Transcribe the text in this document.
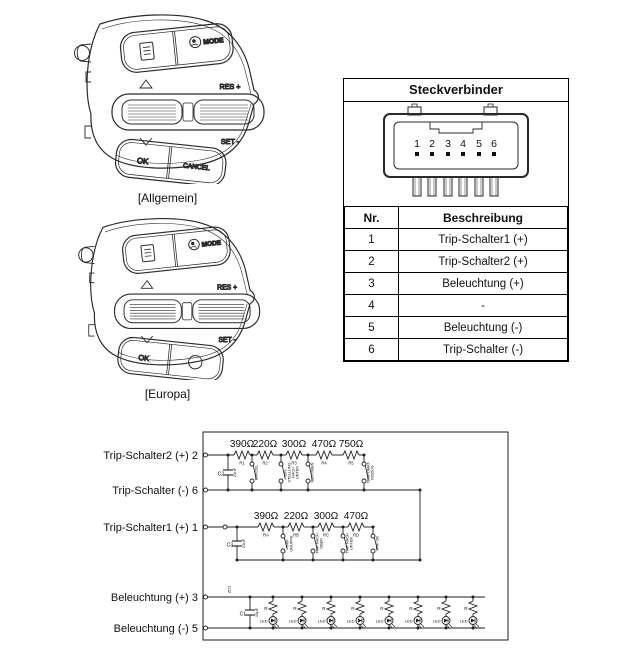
MODE
RES +
SET -
OK
CANCEL
[Allgemein]
MODE
RES +
SET -
OK
[Europa]
Steckverbinder
1 2 3 4 5 6
Nr.	Beschreibung
1	Trip-Schalter1 (+)
2	Trip-Schalter2 (+)
3	Beleuchtung (+)
4	-
5	Beleuchtung (-)
6	Trip-Schalter (-)
Trip-Schalter2 (+) 2
Trip-Schalter (-) 6
Trip-Schalter1 (+) 1
Beleuchtung (+) 3
Beleuchtung (-) 5
C2 22nF
390Ω
R1
220Ω
R2
300Ω
R3
470Ω
R4
750Ω
R5
CANCEL	EIN- STELLUNG NACH UNTEN	RES OBEN	TEMPOMAT- MODUS
C3 22nF
390Ω
RA
220Ω
RB
300Ω
RC
470Ω
RD
TRIP GRUPPE	TRIP NACH OBEN	TRIP NACH UNTEN	TRIP OK
ZD1
C1 10μF R
LED
R
LED
R
LED
R
LED
R
LED
R
LED
R
LED
R
LED
